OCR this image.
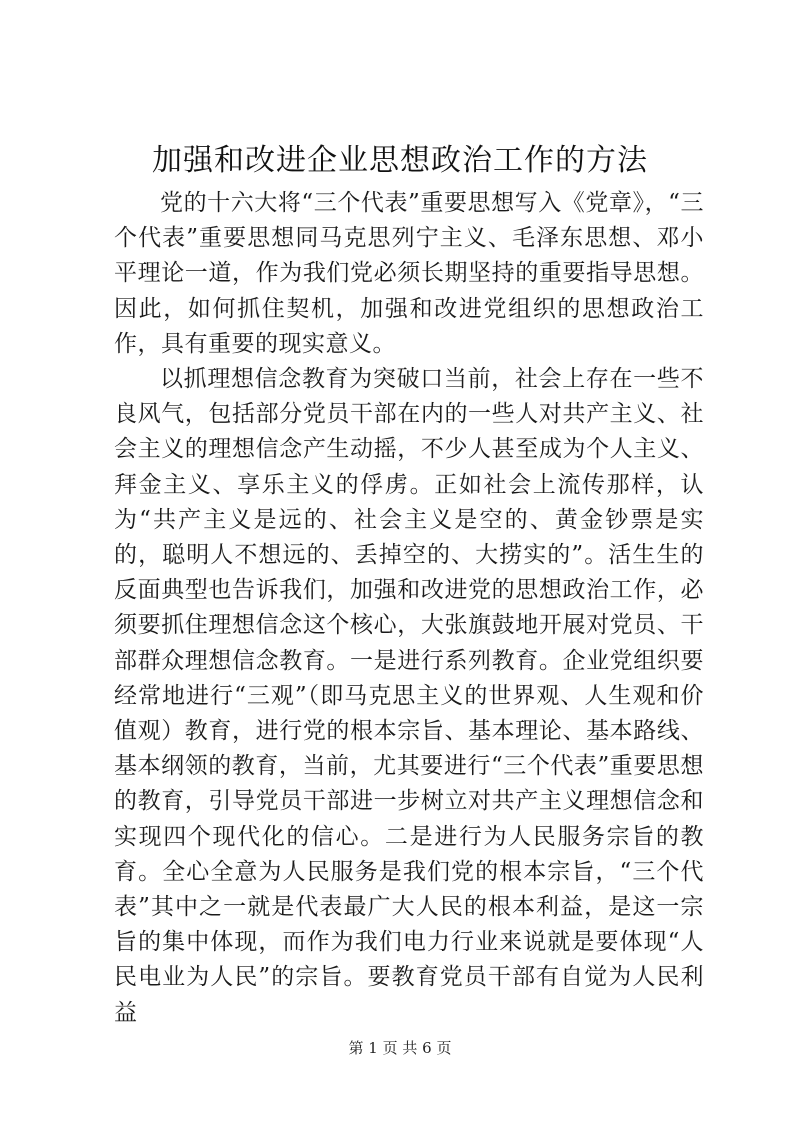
加强和改进企业思想政治工作的方法

党的十六大将“三个代表”重要思想写入《党章》，“三个代表”重要思想同马克思列宁主义、毛泽东思想、邓小平理论一道，作为我们党必须长期坚持的重要指导思想。因此，如何抓住契机，加强和改进党组织的思想政治工作，具有重要的现实意义。

以抓理想信念教育为突破口当前，社会上存在一些不良风气，包括部分党员干部在内的一些人对共产主义、社会主义的理想信念产生动摇，不少人甚至成为个人主义、拜金主义、享乐主义的俘虏。正如社会上流传那样，认为“共产主义是远的、社会主义是空的、黄金钞票是实的，聪明人不想远的、丢掉空的、大捞实的”。活生生的反面典型也告诉我们，加强和改进党的思想政治工作，必须要抓住理想信念这个核心，大张旗鼓地开展对党员、干部群众理想信念教育。一是进行系列教育。企业党组织要经常地进行“三观”（即马克思主义的世界观、人生观和价值观）教育，进行党的根本宗旨、基本理论、基本路线、基本纲领的教育，当前，尤其要进行“三个代表”重要思想的教育，引导党员干部进一步树立对共产主义理想信念和实现四个现代化的信心。二是进行为人民服务宗旨的教育。全心全意为人民服务是我们党的根本宗旨，“三个代表”其中之一就是代表最广大人民的根本利益，是这一宗旨的集中体现，而作为我们电力行业来说就是要体现“人民电业为人民”的宗旨。要教育党员干部有自觉为人民利益

第 1 页 共 6 页
